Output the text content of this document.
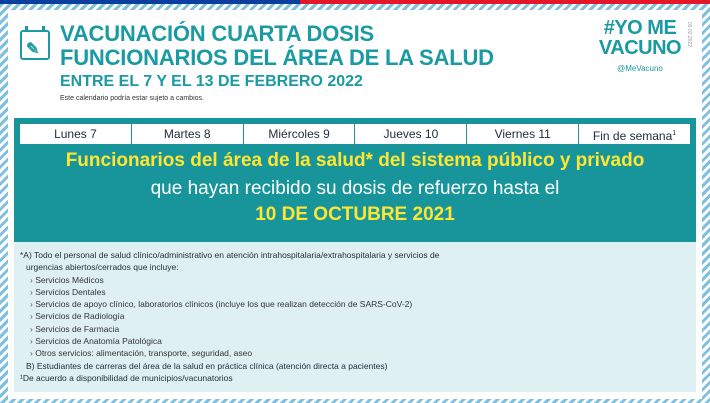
✎
VACUNACIÓN CUARTA DOSIS
FUNCIONARIOS DEL ÁREA DE LA SALUD
ENTRE EL 7 Y EL 13 DE FEBRERO 2022
Este calendario podría estar sujeto a cambios.
#YO ME
VACUNO
@MeVacuno
09.02.2022
Lunes 7	Martes 8	Miércoles 9	Jueves 10	Viernes 11	Fin de semana$^1$
Funcionarios del área de la salud* del sistema público y privado
que hayan recibido su dosis de refuerzo hasta el
10 DE OCTUBRE 2021
*A) Todo el personal de salud clínico/administrativo en atención intrahospitalaria/extrahospitalaria y servicios de
urgencias abiertos/cerrados que incluye:
› Servicios Médicos
› Servicios Dentales
› Servicios de apoyo clínico, laboratorios clínicos (incluye los que realizan detección de SARS-CoV-2)
› Servicios de Radiología
› Servicios de Farmacia
› Servicios de Anatomía Patológica
› Otros servicios: alimentación, transporte, seguridad, aseo
B) Estudiantes de carreras del área de la salud en práctica clínica (atención directa a pacientes)
¹De acuerdo a disponibilidad de municipios/vacunatorios
